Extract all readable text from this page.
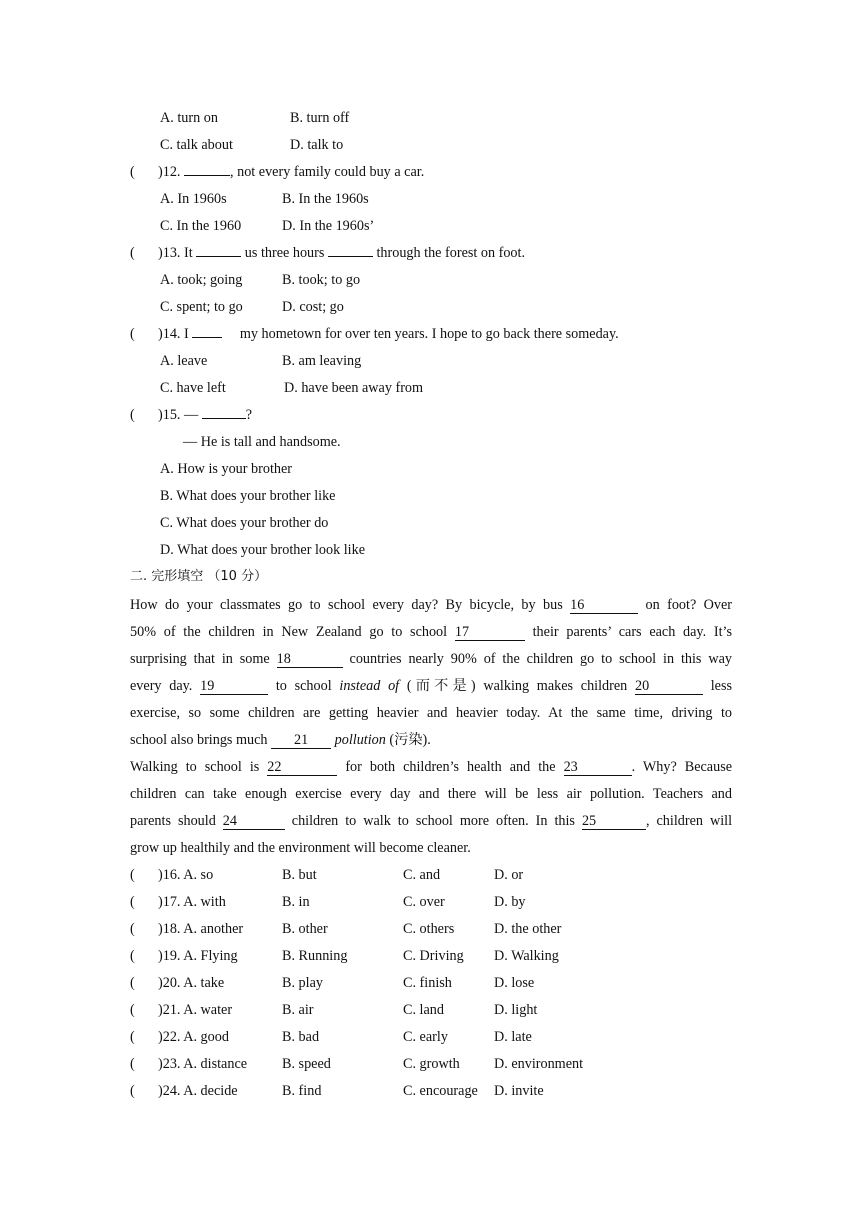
A. turn on	B. turn off
C. talk about	D. talk to
( )12.	, not every family could buy a car.
A. In 1960s	B. In the 1960s
C. In the 1960	D. In the 1960s’
( )13. It	us three hours	through the forest on foot.
A. took; going	B. took; to go
C. spent; to go	D. cost; go
( )14. I	my hometown for over ten years. I hope to go back there someday.
A. leave	B. am leaving
C. have left	D. have been away from
( )15. —	?
— He is tall and handsome.
A. How is your brother
B. What does your brother like
C. What does your brother do
D. What does your brother look like
二. 完形填空 （10 分）
How do your classmates go to school every day? By bicycle, by bus 16	on foot? Over
50% of the children in New Zealand go to school 17	their parents’ cars each day. It’s
surprising that in some 18	countries nearly 90% of the children go to school in this way
every day. 19	to school instead of (而不是) walking makes children 20	less
exercise, so some children are getting heavier and heavier today. At the same time, driving to
school also brings much 21 pollution (污染).
Walking to school is 22	for both children’s health and the 23	. Why? Because
children can take enough exercise every day and there will be less air pollution. Teachers and
parents should 24	children to walk to school more often. In this 25	, children will
grow up healthily and the environment will become cleaner.
( )16. A. so	B. but	C. and	D. or
( )17. A. with	B. in	C. over	D. by
( )18. A. another	B. other	C. others	D. the other
( )19. A. Flying	B. Running	C. Driving D. Walking
( )20. A. take	B. play	C. finish	D. lose
( )21. A. water	B. air	C. land	D. light
( )22. A. good	B. bad	C. early	D. late
( )23. A. distance B. speed	C. growth D. environment
( )24. A. decide	B. find	C. encourage D. invite
